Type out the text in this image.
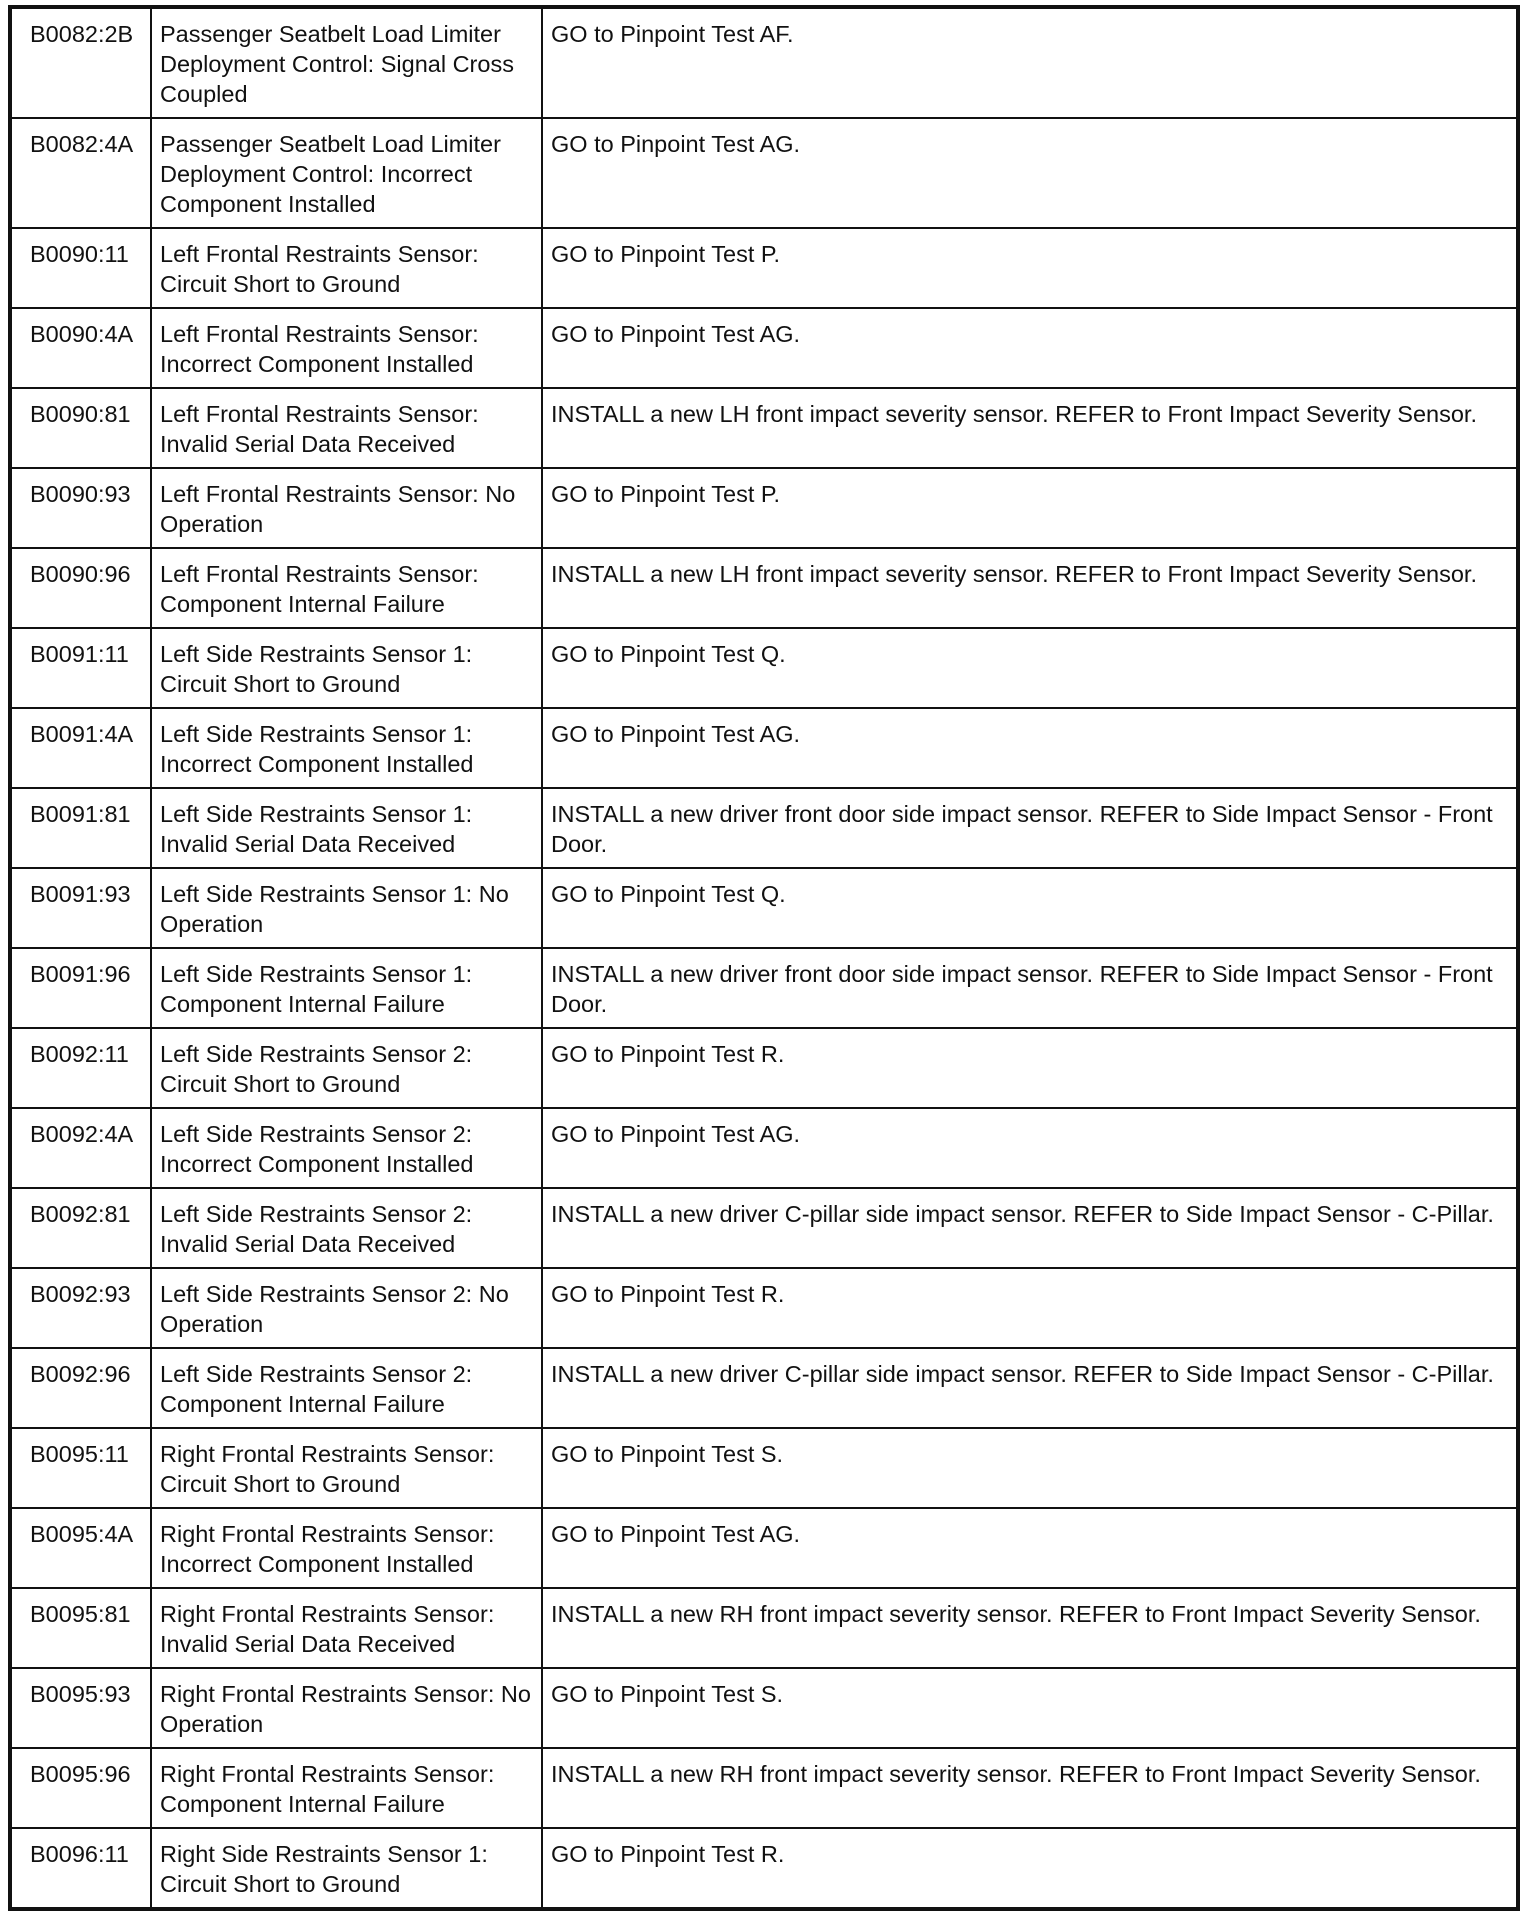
B0082:2B	Passenger Seatbelt Load Limiter Deployment Control: Signal Cross Coupled	GO to Pinpoint Test AF.
B0082:4A	Passenger Seatbelt Load Limiter Deployment Control: Incorrect Component Installed	GO to Pinpoint Test AG.
B0090:11	Left Frontal Restraints Sensor: Circuit Short to Ground	GO to Pinpoint Test P.
B0090:4A	Left Frontal Restraints Sensor: Incorrect Component Installed	GO to Pinpoint Test AG.
B0090:81	Left Frontal Restraints Sensor: Invalid Serial Data Received	INSTALL a new LH front impact severity sensor. REFER to Front Impact Severity Sensor.
B0090:93	Left Frontal Restraints Sensor: No Operation	GO to Pinpoint Test P.
B0090:96	Left Frontal Restraints Sensor: Component Internal Failure	INSTALL a new LH front impact severity sensor. REFER to Front Impact Severity Sensor.
B0091:11	Left Side Restraints Sensor 1: Circuit Short to Ground	GO to Pinpoint Test Q.
B0091:4A	Left Side Restraints Sensor 1: Incorrect Component Installed	GO to Pinpoint Test AG.
B0091:81	Left Side Restraints Sensor 1: Invalid Serial Data Received	INSTALL a new driver front door side impact sensor. REFER to Side Impact Sensor - Front Door.
B0091:93	Left Side Restraints Sensor 1: No Operation	GO to Pinpoint Test Q.
B0091:96	Left Side Restraints Sensor 1: Component Internal Failure	INSTALL a new driver front door side impact sensor. REFER to Side Impact Sensor - Front Door.
B0092:11	Left Side Restraints Sensor 2: Circuit Short to Ground	GO to Pinpoint Test R.
B0092:4A	Left Side Restraints Sensor 2: Incorrect Component Installed	GO to Pinpoint Test AG.
B0092:81	Left Side Restraints Sensor 2: Invalid Serial Data Received	INSTALL a new driver C-pillar side impact sensor. REFER to Side Impact Sensor - C-Pillar.
B0092:93	Left Side Restraints Sensor 2: No Operation	GO to Pinpoint Test R.
B0092:96	Left Side Restraints Sensor 2: Component Internal Failure	INSTALL a new driver C-pillar side impact sensor. REFER to Side Impact Sensor - C-Pillar.
B0095:11	Right Frontal Restraints Sensor: Circuit Short to Ground	GO to Pinpoint Test S.
B0095:4A	Right Frontal Restraints Sensor: Incorrect Component Installed	GO to Pinpoint Test AG.
B0095:81	Right Frontal Restraints Sensor: Invalid Serial Data Received	INSTALL a new RH front impact severity sensor. REFER to Front Impact Severity Sensor.
B0095:93	Right Frontal Restraints Sensor: No Operation	GO to Pinpoint Test S.
B0095:96	Right Frontal Restraints Sensor: Component Internal Failure	INSTALL a new RH front impact severity sensor. REFER to Front Impact Severity Sensor.
B0096:11	Right Side Restraints Sensor 1: Circuit Short to Ground	GO to Pinpoint Test R.
